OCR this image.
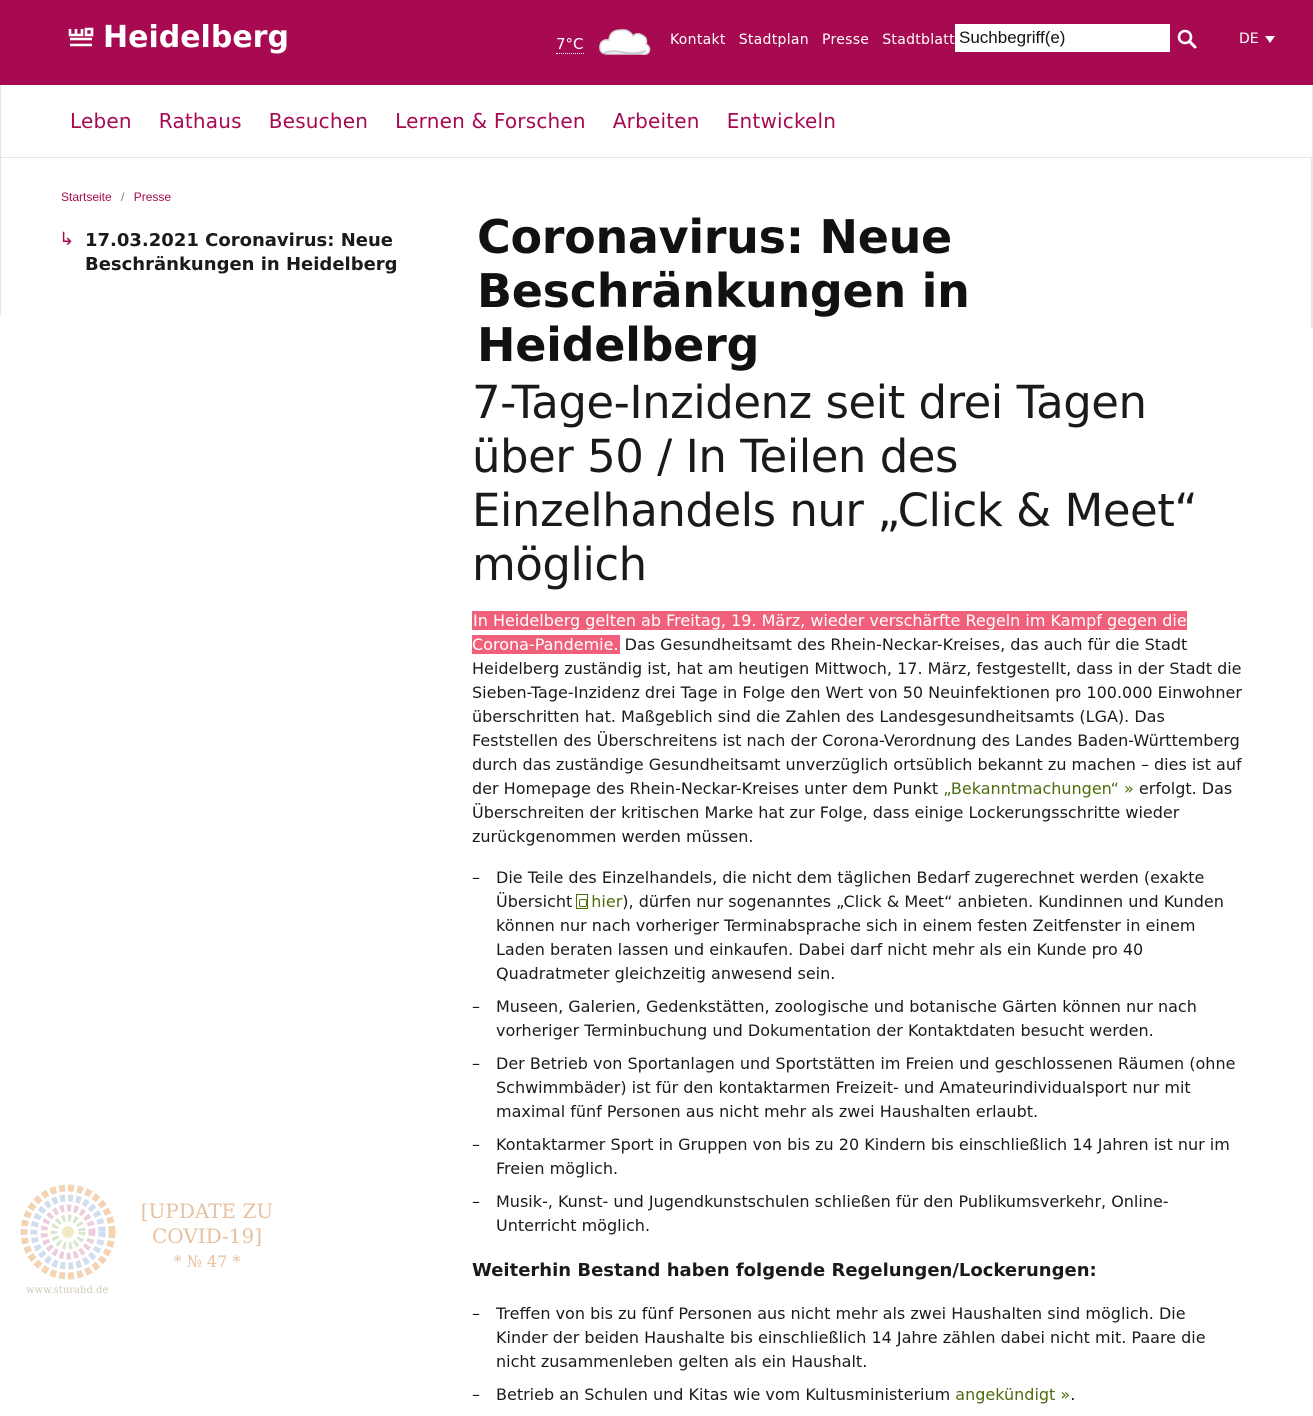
Heidelberg	7°C	Kontakt Stadtplan Presse Stadtblatt
Suchbegriff(e)	DE
Leben Rathaus Besuchen Lernen & Forschen Arbeiten Entwickeln
Startseite / Presse
↳ 17.03.2021 Coronavirus: Neue Beschränkungen in Heidelberg
Coronavirus: Neue Beschränkungen in Heidelberg
7-Tage-Inzidenz seit drei Tagen über 50 / In Teilen des Einzelhandels nur „Click & Meet“ möglich

In Heidelberg gelten ab Freitag, 19. März, wieder verschärfte Regeln im Kampf gegen die Corona-Pandemie. Das Gesundheitsamt des Rhein-Neckar-Kreises, das auch für die Stadt Heidelberg zuständig ist, hat am heutigen Mittwoch, 17. März, festgestellt, dass in der Stadt die Sieben-Tage-Inzidenz drei Tage in Folge den Wert von 50 Neuinfektionen pro 100.000 Einwohner überschritten hat. Maßgeblich sind die Zahlen des Landesgesundheitsamts (LGA). Das Feststellen des Überschreitens ist nach der Corona-Verordnung des Landes Baden-Württemberg durch das zuständige Gesundheitsamt unverzüglich ortsüblich bekannt zu machen – dies ist auf der Homepage des Rhein-Neckar-Kreises unter dem Punkt „Bekanntmachungen“ » erfolgt. Das Überschreiten der kritischen Marke hat zur Folge, dass einige Lockerungsschritte wieder zurückgenommen werden müssen.

– Die Teile des Einzelhandels, die nicht dem täglichen Bedarf zugerechnet werden (exakte Übersicht hier), dürfen nur sogenanntes „Click & Meet“ anbieten. Kundinnen und Kunden können nur nach vorheriger Terminabsprache sich in einem festen Zeitfenster in einem Laden beraten lassen und einkaufen. Dabei darf nicht mehr als ein Kunde pro 40 Quadratmeter gleichzeitig anwesend sein.
– Museen, Galerien, Gedenkstätten, zoologische und botanische Gärten können nur nach vorheriger Terminbuchung und Dokumentation der Kontaktdaten besucht werden.
– Der Betrieb von Sportanlagen und Sportstätten im Freien und geschlossenen Räumen (ohne Schwimmbäder) ist für den kontaktarmen Freizeit- und Amateurindividualsport nur mit maximal fünf Personen aus nicht mehr als zwei Haushalten erlaubt.
– Kontaktarmer Sport in Gruppen von bis zu 20 Kindern bis einschließlich 14 Jahren ist nur im Freien möglich.
– Musik-, Kunst- und Jugendkunstschulen schließen für den Publikumsverkehr, Online-Unterricht möglich.
Weiterhin Bestand haben folgende Regelungen/Lockerungen:
– Treffen von bis zu fünf Personen aus nicht mehr als zwei Haushalten sind möglich. Die Kinder der beiden Haushalte bis einschließlich 14 Jahre zählen dabei nicht mit. Paare die nicht zusammenleben gelten als ein Haushalt.
– Betrieb an Schulen und Kitas wie vom Kultusministerium angekündigt ».
[UPDATE ZU
COVID-19]
* № 47 *
www.sturahd.de
